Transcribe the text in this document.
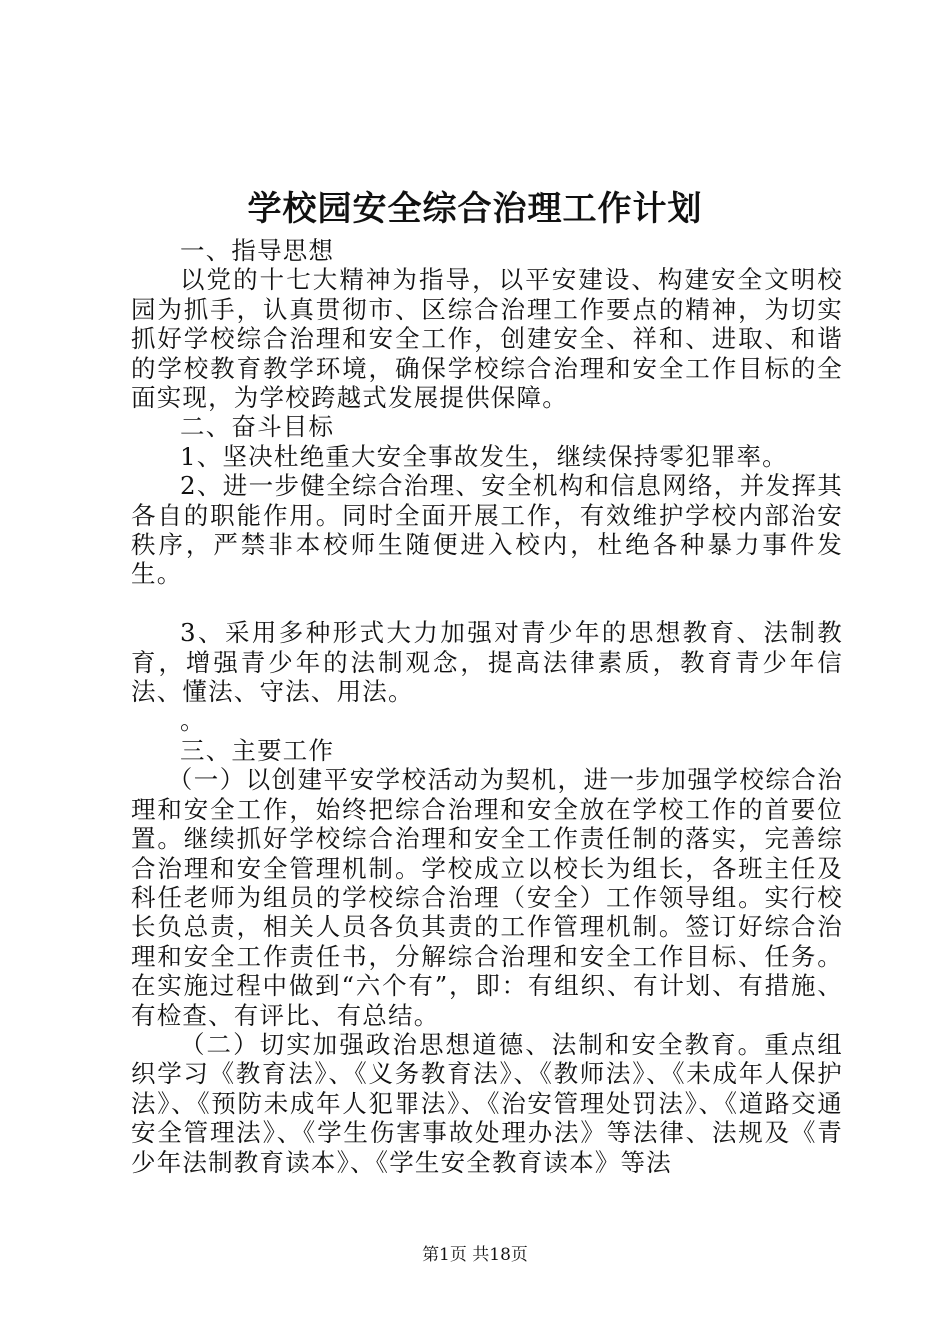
学校园安全综合治理工作计划

一、指导思想

以党的十七大精神为指导，以平安建设、构建安全文明校园为抓手，认真贯彻市、区综合治理工作要点的精神，为切实抓好学校综合治理和安全工作，创建安全、祥和、进取、和谐的学校教育教学环境，确保学校综合治理和安全工作目标的全面实现，为学校跨越式发展提供保障。

二、奋斗目标

1、坚决杜绝重大安全事故发生，继续保持零犯罪率。

2、进一步健全综合治理、安全机构和信息网络，并发挥其各自的职能作用。同时全面开展工作，有效维护学校内部治安秩序，严禁非本校师生随便进入校内，杜绝各种暴力事件发生。

3、采用多种形式大力加强对青少年的思想教育、法制教育，增强青少年的法制观念，提高法律素质，教育青少年信法、懂法、守法、用法。

。

三、主要工作

（一）以创建平安学校活动为契机，进一步加强学校综合治理和安全工作，始终把综合治理和安全放在学校工作的首要位置。继续抓好学校综合治理和安全工作责任制的落实，完善综合治理和安全管理机制。学校成立以校长为组长，各班主任及科任老师为组员的学校综合治理（安全）工作领导组。实行校长负总责，相关人员各负其责的工作管理机制。签订好综合治理和安全工作责任书，分解综合治理和安全工作目标、任务。在实施过程中做到“六个有”，即：有组织、有计划、有措施、有检查、有评比、有总结。

（二）切实加强政治思想道德、法制和安全教育。重点组织学习《教育法》、《义务教育法》、《教师法》、《未成年人保护法》、《预防未成年人犯罪法》、《治安管理处罚法》、《道路交通安全管理法》、《学生伤害事故处理办法》等法律、法规及《青少年法制教育读本》、《学生安全教育读本》等法

第1页 共18页
